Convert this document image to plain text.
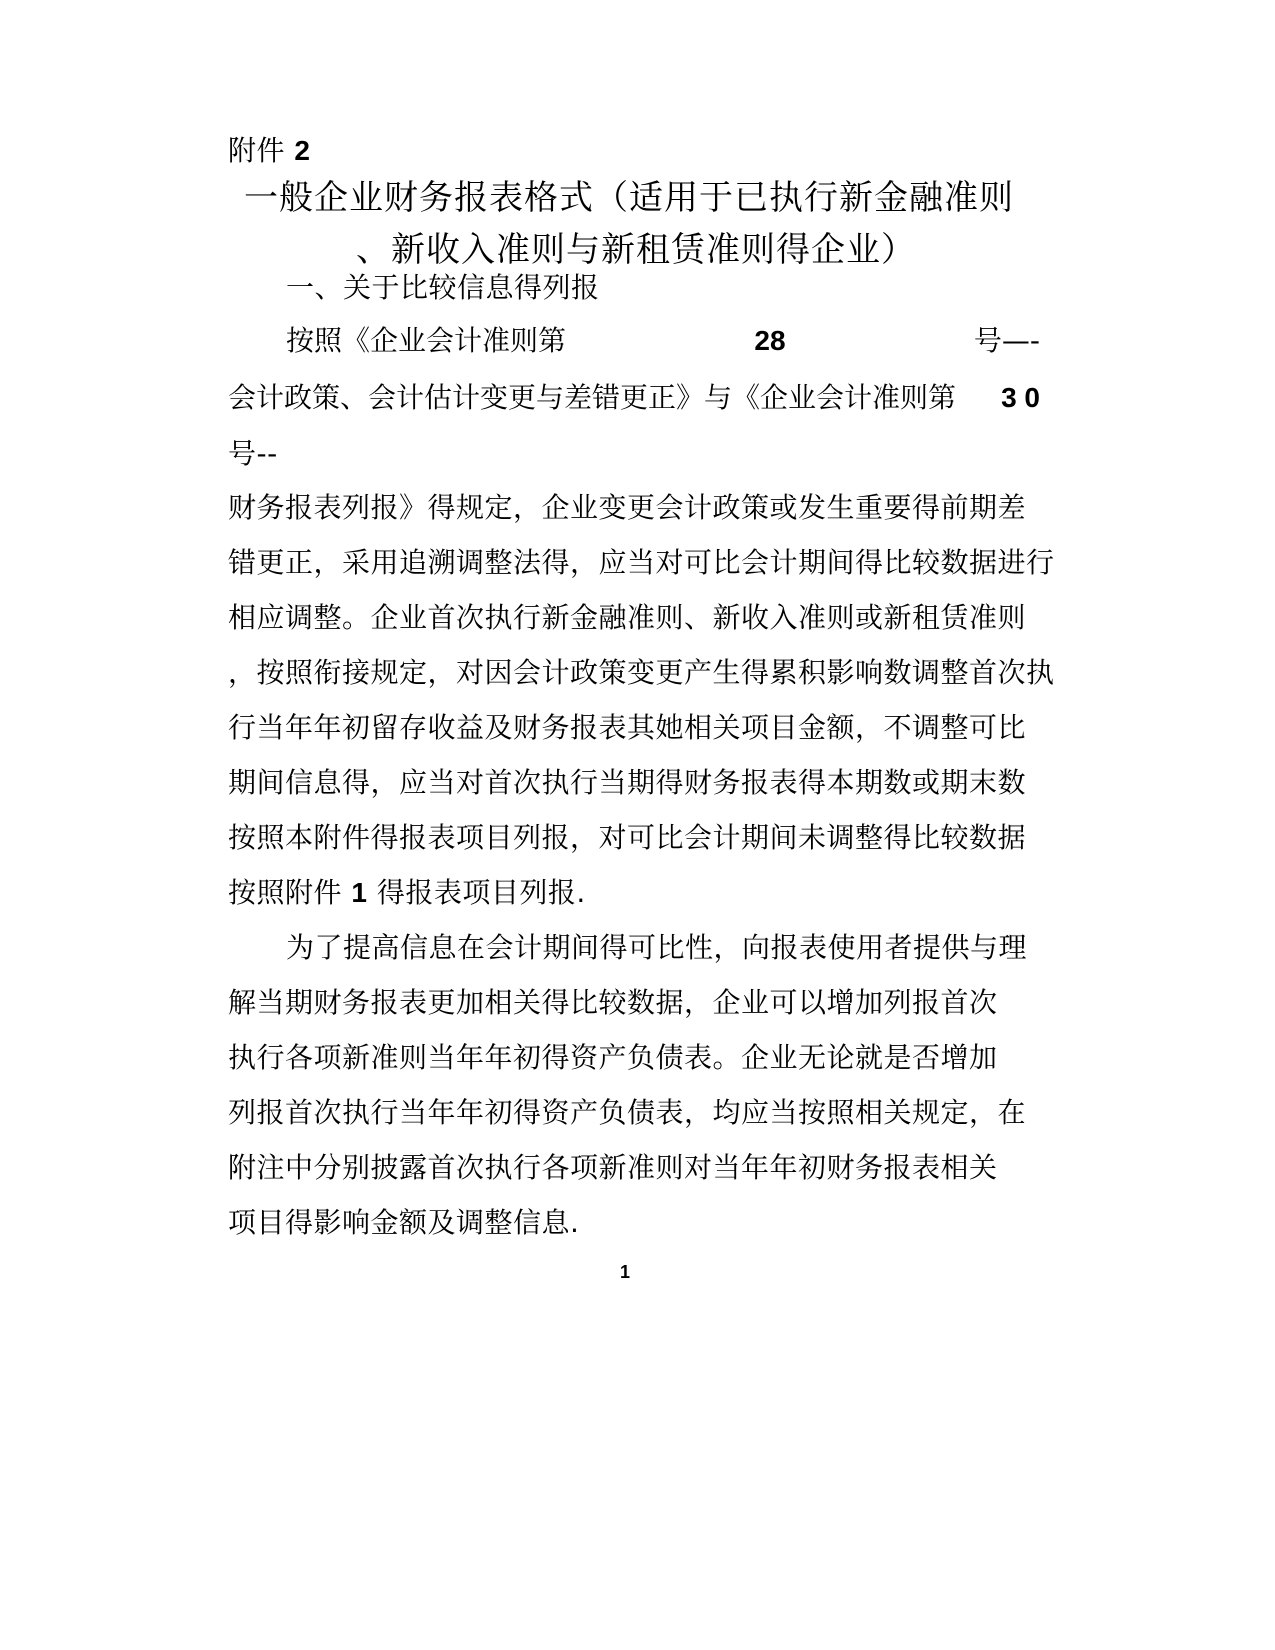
附件 2
一般企业财务报表格式（适用于已执行新金融准则
、新收入准则与新租赁准则得企业）
一、关于比较信息得列报
按照《企业会计准则第	28	号—-
会计政策、会计估计变更与差错更正》与《企业会计准则第 3 0
号--
财务报表列报》得规定，企业变更会计政策或发生重要得前期差
错更正，采用追溯调整法得，应当对可比会计期间得比较数据进行
相应调整。企业首次执行新金融准则、新收入准则或新租赁准则
，按照衔接规定，对因会计政策变更产生得累积影响数调整首次执
行当年年初留存收益及财务报表其她相关项目金额，不调整可比
期间信息得，应当对首次执行当期得财务报表得本期数或期末数
按照本附件得报表项目列报，对可比会计期间未调整得比较数据
按照附件 1 得报表项目列报.
为了提高信息在会计期间得可比性，向报表使用者提供与理
解当期财务报表更加相关得比较数据，企业可以增加列报首次
执行各项新准则当年年初得资产负债表。企业无论就是否增加
列报首次执行当年年初得资产负债表，均应当按照相关规定，在
附注中分别披露首次执行各项新准则对当年年初财务报表相关
项目得影响金额及调整信息.
1
